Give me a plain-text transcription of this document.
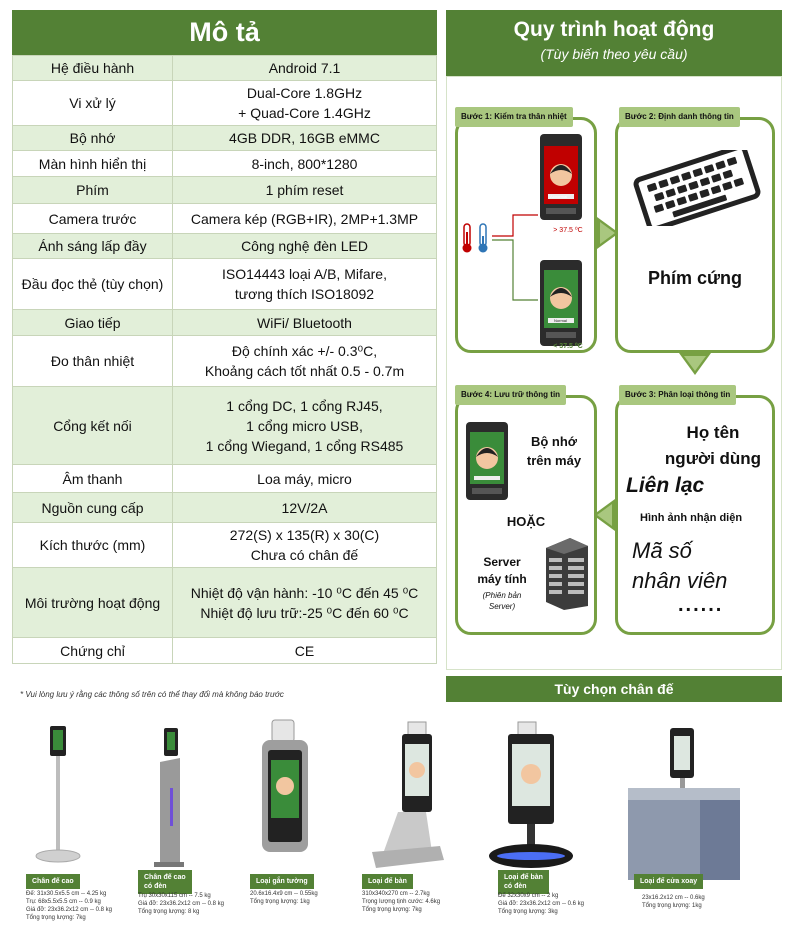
Mô tả
Hệ điều hành	Android 7.1
Vi xử lý	Dual-Core 1.8GHz
+ Quad-Core 1.4GHz
Bộ nhớ	4GB DDR, 16GB eMMC
Màn hình hiển thị	8-inch, 800*1280
Phím	1 phím reset
Camera trước	Camera kép (RGB+IR), 2MP+1.3MP
Ánh sáng lấp đầy	Công nghệ đèn LED
Đầu đọc thẻ (tùy chọn)	ISO14443 loại A/B, Mifare,
tương thích ISO18092
Giao tiếp	WiFi/ Bluetooth
Đo thân nhiệt	Độ chính xác +/- 0.3⁰C,
Khoảng cách tốt nhất 0.5 - 0.7m
Cổng kết nối	1 cổng DC, 1 cổng RJ45,
1 cổng micro USB,
1 cổng Wiegand, 1 cổng RS485
Âm thanh	Loa máy, micro
Nguồn cung cấp	12V/2A
Kích thước (mm)	272(S) x 135(R) x 30(C)
Chưa có chân đế
Môi trường hoạt động	Nhiệt độ vận hành: -10 ⁰C đến 45 ⁰C
Nhiệt độ lưu trữ:-25 ⁰C đến 60 ⁰C
Chứng chỉ	CE
* Vui lòng lưu ý rằng các thông số trên có thể thay đổi mà không báo trước
Quy trình hoạt động
(Tùy biến theo yêu cầu)
Bước 1: Kiểm tra thân nhiệt
Abnormal
Normal
> 37.5 ⁰C
< 37.5 ⁰C
Bước 2: Định danh thông tin
Phím cứng
Bước 3: Phân loại thông tin
Họ tên
người dùng
Liên lạc
Hình ảnh nhận diện
Mã số
nhân viên
......
Bước 4: Lưu trữ thông tin
Bộ nhớ
trên máy
HOẶC
Server
máy tính
(Phiên bản
Server)
Tùy chọn chân đế
Chân đế cao
Đế: 31x30.5x5.5 cm -- 4.25 kg
Trụ: 68x5.5x5.5 cm -- 0.9 kg
Giá đỡ: 23x36.2x12 cm -- 0.8 kg
Tổng trọng lượng: 7kg
Chân đế cao
có đèn
Trụ 30x30x115 cm -- 7.5 kg
Giá đỡ: 23x36.2x12 cm -- 0.8 kg
Tổng trọng lượng: 8 kg
Loại gắn tường
20.6x16.4x9 cm -- 0.55kg
Tổng trọng lượng: 1kg
Loại để bàn
310x340x270 cm -- 2.7kg
Trọng lượng tịnh cước: 4.6kg
Tổng trọng lượng: 7kg
Loại để bàn
có đèn
Đế 32x30x9 cm -- 2 kg
Giá đỡ: 23x36.2x12 cm -- 0.6 kg
Tổng trọng lượng: 3kg
Loại để cửa xoay
23x16.2x12 cm -- 0.6kg
Tổng trọng lượng: 1kg
